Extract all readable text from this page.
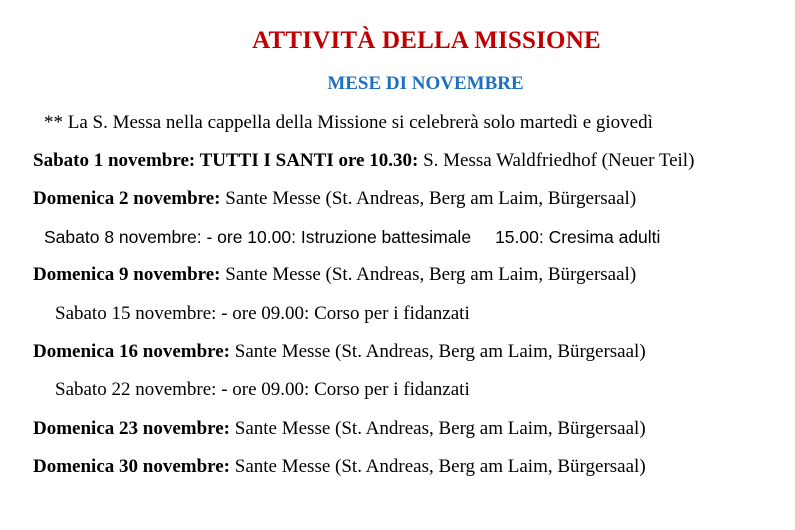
ATTIVITÀ DELLA MISSIONE
MESE DI NOVEMBRE
** La S. Messa nella cappella della Missione si celebrerà solo martedì e giovedì
Sabato 1 novembre: TUTTI I SANTI ore 10.30: S. Messa Waldfriedhof (Neuer Teil)
Domenica 2 novembre: Sante Messe (St. Andreas, Berg am Laim, Bürgersaal)
Sabato 8 novembre: - ore 10.00: Istruzione battesimale 15.00: Cresima adulti
Domenica 9 novembre: Sante Messe (St. Andreas, Berg am Laim, Bürgersaal)
Sabato 15 novembre: - ore 09.00: Corso per i fidanzati
Domenica 16 novembre: Sante Messe (St. Andreas, Berg am Laim, Bürgersaal)
Sabato 22 novembre: - ore 09.00: Corso per i fidanzati
Domenica 23 novembre: Sante Messe (St. Andreas, Berg am Laim, Bürgersaal)
Domenica 30 novembre: Sante Messe (St. Andreas, Berg am Laim, Bürgersaal)
